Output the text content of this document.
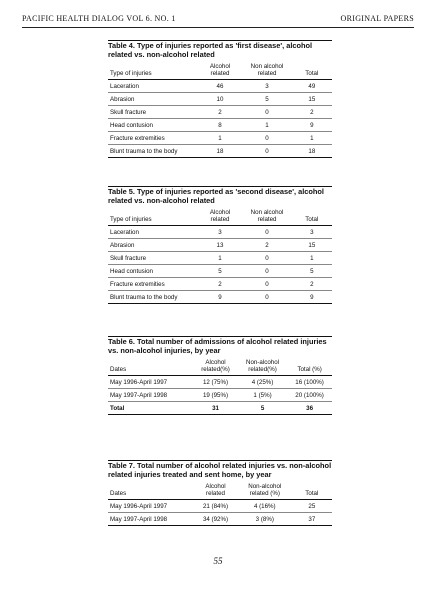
PACIFIC HEALTH DIALOG VOL 6. NO. 1	ORIGINAL PAPERS
Table 4. Type of injuries reported as 'first disease', alcohol related vs. non-alcohol related
Type of injuries	Alcohol related	Non alcohol related	Total
Laceration	46	3	49
Abrasion	10	5	15
Skull fracture	2	0	2
Head contusion	8	1	9
Fracture extremities	1	0	1
Blunt trauma to the body	18	0	18
Table 5. Type of injuries reported as 'second disease', alcohol related vs. non-alcohol related
Type of injuries	Alcohol related	Non alcohol related	Total
Laceration	3	0	3
Abrasion	13	2	15
Skull fracture	1	0	1
Head contusion	5	0	5
Fracture extremities	2	0	2
Blunt trauma to the body	9	0	9
Table 6. Total number of admissions of alcohol related injuries vs. non-alcohol injuries, by year
Dates	Alcohol related(%)	Non-alcohol related(%)	Total (%)
May 1996-April 1997	12 (75%)	4 (25%)	16 (100%)
May 1997-April 1998	19 (95%)	1 (5%)	20 (100%)
Total	31	5	36
Table 7. Total number of alcohol related injuries vs. non-alcohol related injuries treated and sent home, by year
Dates	Alcohol related	Non-alcohol related (%)	Total
May 1996-April 1997	21 (84%)	4 (16%)	25
May 1997-April 1998	34 (92%)	3 (8%)	37
55
